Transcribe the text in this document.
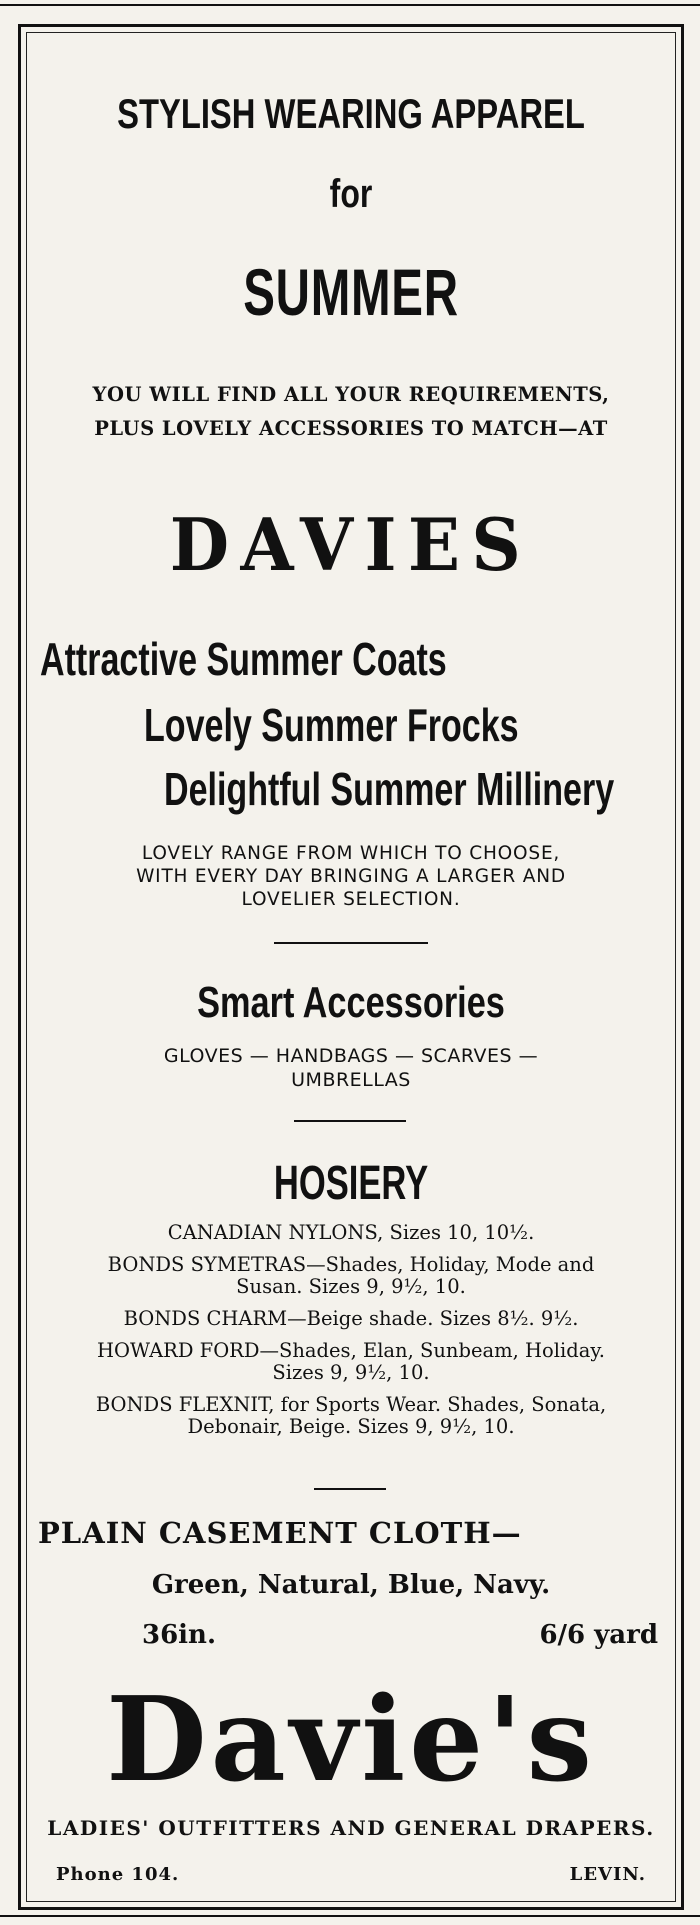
STYLISH WEARING APPAREL
for
SUMMER
YOU WILL FIND ALL YOUR REQUIREMENTS,
PLUS LOVELY ACCESSORIES TO MATCH—AT
DAVIES
Attractive Summer Coats
Lovely Summer Frocks
Delightful Summer Millinery
LOVELY RANGE FROM WHICH TO CHOOSE,
WITH EVERY DAY BRINGING A LARGER AND
LOVELIER SELECTION.
Smart Accessories
GLOVES — HANDBAGS — SCARVES —
UMBRELLAS
HOSIERY
CANADIAN NYLONS, Sizes 10, 10½.
BONDS SYMETRAS—Shades, Holiday, Mode and
Susan. Sizes 9, 9½, 10.
BONDS CHARM—Beige shade. Sizes 8½. 9½.
HOWARD FORD—Shades, Elan, Sunbeam, Holiday.
Sizes 9, 9½, 10.
BONDS FLEXNIT, for Sports Wear. Shades, Sonata,
Debonair, Beige. Sizes 9, 9½, 10.
PLAIN CASEMENT CLOTH—
Green, Natural, Blue, Navy.
36in.	6/6 yard
Davie's
LADIES' OUTFITTERS AND GENERAL DRAPERS.
Phone 104.	LEVIN.
